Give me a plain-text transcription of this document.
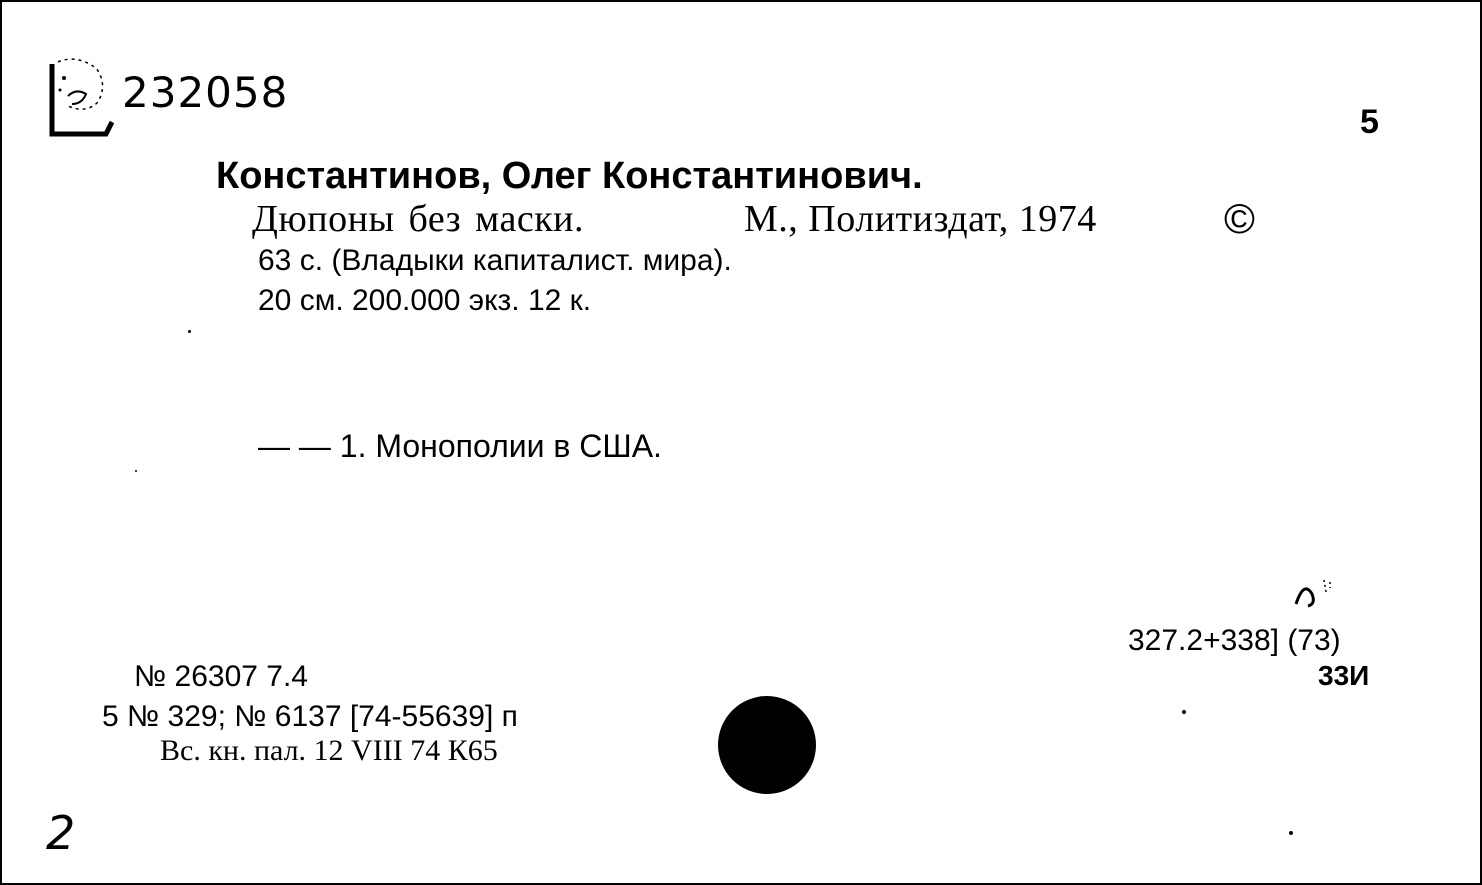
232058
5
Константинов, Олег Константинович.
Дюпоны без маски.	М., Политиздат, 1974	©
63 с. (Владыки капиталист. мира).
20 см. 200.000 экз. 12 к.
— — 1. Монополии в США.
327.2+338] (73)
33И
№ 26307 7.4
5 № 329; № 6137 [74-55639] п
Вс. кн. пал. 12 VIII 74 К65
2
